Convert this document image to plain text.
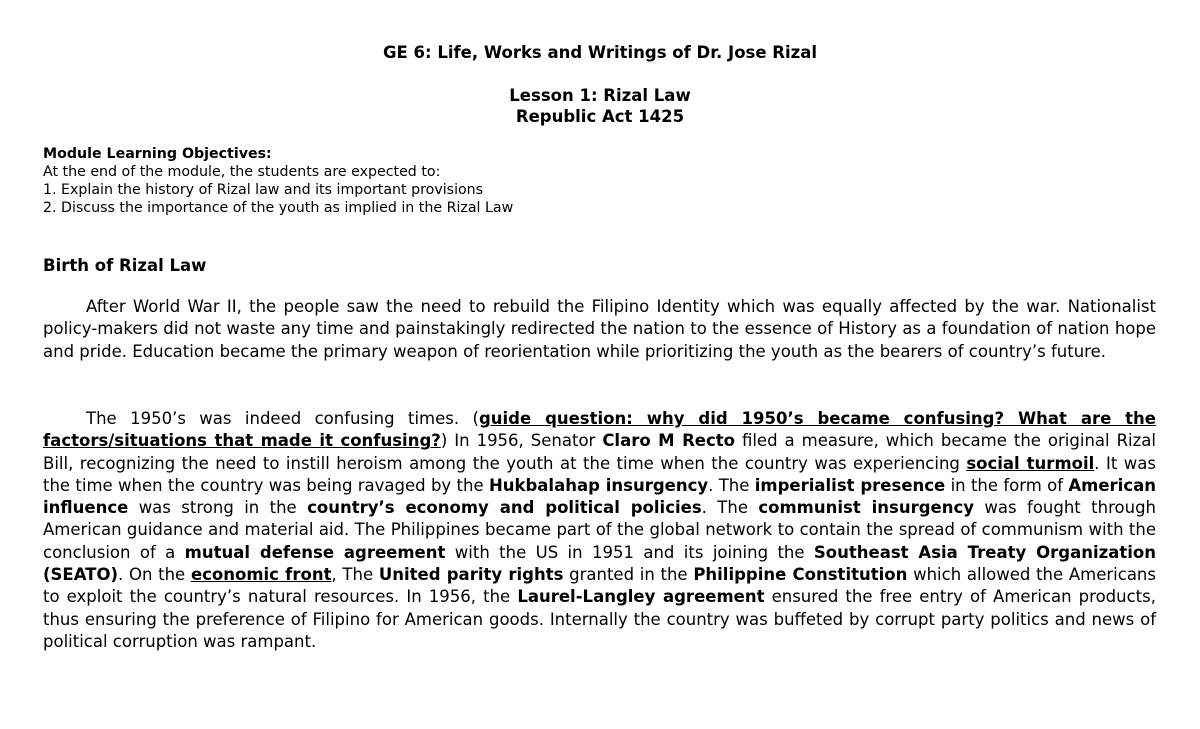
GE 6: Life, Works and Writings of Dr. Jose Rizal
Lesson 1: Rizal Law
Republic Act 1425
Module Learning Objectives:
At the end of the module, the students are expected to:
1. Explain the history of Rizal law and its important provisions
2. Discuss the importance of the youth as implied in the Rizal Law
Birth of Rizal Law

After World War II, the people saw the need to rebuild the Filipino Identity which was equally affected by the war. Nationalist policy-makers did not waste any time and painstakingly redirected the nation to the essence of History as a foundation of nation hope and pride. Education became the primary weapon of reorientation while prioritizing the youth as the bearers of country’s future.

The 1950’s was indeed confusing times. (guide question: why did 1950’s became confusing? What are the factors/situations that made it confusing?) In 1956, Senator Claro M Recto filed a measure, which became the original Rizal Bill, recognizing the need to instill heroism among the youth at the time when the country was experiencing social turmoil. It was the time when the country was being ravaged by the Hukbalahap insurgency. The imperialist presence in the form of American influence was strong in the country’s economy and political policies. The communist insurgency was fought through American guidance and material aid. The Philippines became part of the global network to contain the spread of communism with the conclusion of a mutual defense agreement with the US in 1951 and its joining the Southeast Asia Treaty Organization (SEATO). On the economic front, The United parity rights granted in the Philippine Constitution which allowed the Americans to exploit the country’s natural resources. In 1956, the Laurel-Langley agreement ensured the free entry of American products, thus ensuring the preference of Filipino for American goods. Internally the country was buffeted by corrupt party politics and news of political corruption was rampant.
